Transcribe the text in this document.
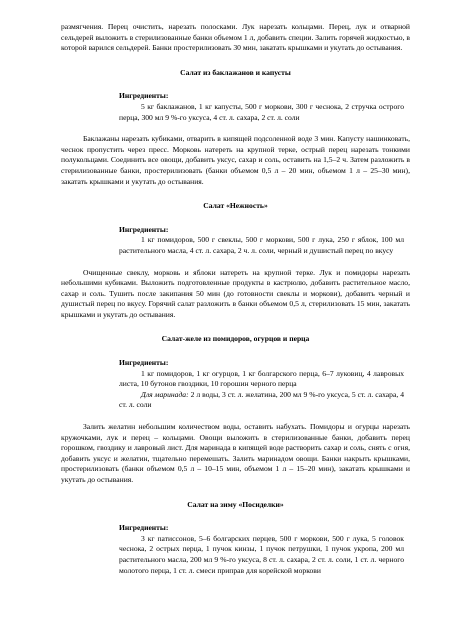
размягчения. Перец очистить, нарезать полосками. Лук нарезать кольцами. Перец, лук и отварной сельдерей выложить в стерилизованные банки объемом 1 л, добавить специи. Залить горячей жидкостью, в которой варился сельдерей. Банки простерилизовать 30 мин, закатать крышками и укутать до остывания.

Салат из баклажанов и капусты
Ингредиенты:

5 кг баклажанов, 1 кг капусты, 500 г моркови, 300 г чеснока, 2 стручка острого перца, 300 мл 9 %-го уксуса, 4 ст. л. сахара, 2 ст. л. соли

Баклажаны нарезать кубиками, отварить в кипящей подсоленной воде 3 мин. Капусту нашинковать, чеснок пропустить через пресс. Морковь натереть на крупной терке, острый перец нарезать тонкими полукольцами. Соединить все овощи, добавить уксус, сахар и соль, оставить на 1,5–2 ч. Затем разложить в стерилизованные банки, простерилизовать (банки объемом 0,5 л – 20 мин, объемом 1 л – 25–30 мин), закатать крышками и укутать до остывания.

Салат «Нежность»
Ингредиенты:

1 кг помидоров, 500 г свеклы, 500 г моркови, 500 г лука, 250 г яблок, 100 мл растительного масла, 4 ст. л. сахара, 2 ч. л. соли, черный и душистый перец по вкусу

Очищенные свеклу, морковь и яблоки натереть на крупной терке. Лук и помидоры нарезать небольшими кубиками. Выложить подготовленные продукты в кастрюлю, добавить растительное масло, сахар и соль. Тушить после закипания 50 мин (до готовности свеклы и моркови), добавить черный и душистый перец по вкусу. Горячий салат разложить в банки объемом 0,5 л, стерилизовать 15 мин, закатать крышками и укутать до остывания.

Салат-желе из помидоров, огурцов и перца
Ингредиенты:

1 кг помидоров, 1 кг огурцов, 1 кг болгарского перца, 6–7 луковиц, 4 лавровых листа, 10 бутонов гвоздики, 10 горошин черного перца

Для маринада: 2 л воды, 3 ст. л. желатина, 200 мл 9 %-го уксуса, 5 ст. л. сахара, 4 ст. л. соли

Залить желатин небольшим количеством воды, оставить набухать. Помидоры и огурцы нарезать кружочками, лук и перец – кольцами. Овощи выложить в стерилизованные банки, добавить перец горошком, гвоздику и лавровый лист. Для маринада в кипящей воде растворить сахар и соль, снять с огня, добавить уксус и желатин, тщательно перемешать. Залить маринадом овощи. Банки накрыть крышками, простерилизовать (банки объемом 0,5 л – 10–15 мин, объемом 1 л – 15–20 мин), закатать крышками и укутать до остывания.

Салат на зиму «Посиделки»
Ингредиенты:

3 кг патиссонов, 5–6 болгарских перцев, 500 г моркови, 500 г лука, 5 головок чеснока, 2 острых перца, 1 пучок кинзы, 1 пучок петрушки, 1 пучок укропа, 200 мл растительного масла, 200 мл 9 %-го уксуса, 8 ст. л. сахара, 2 ст. л. соли, 1 ст. л. черного молотого перца, 1 ст. л. смеси приправ для корейской моркови
